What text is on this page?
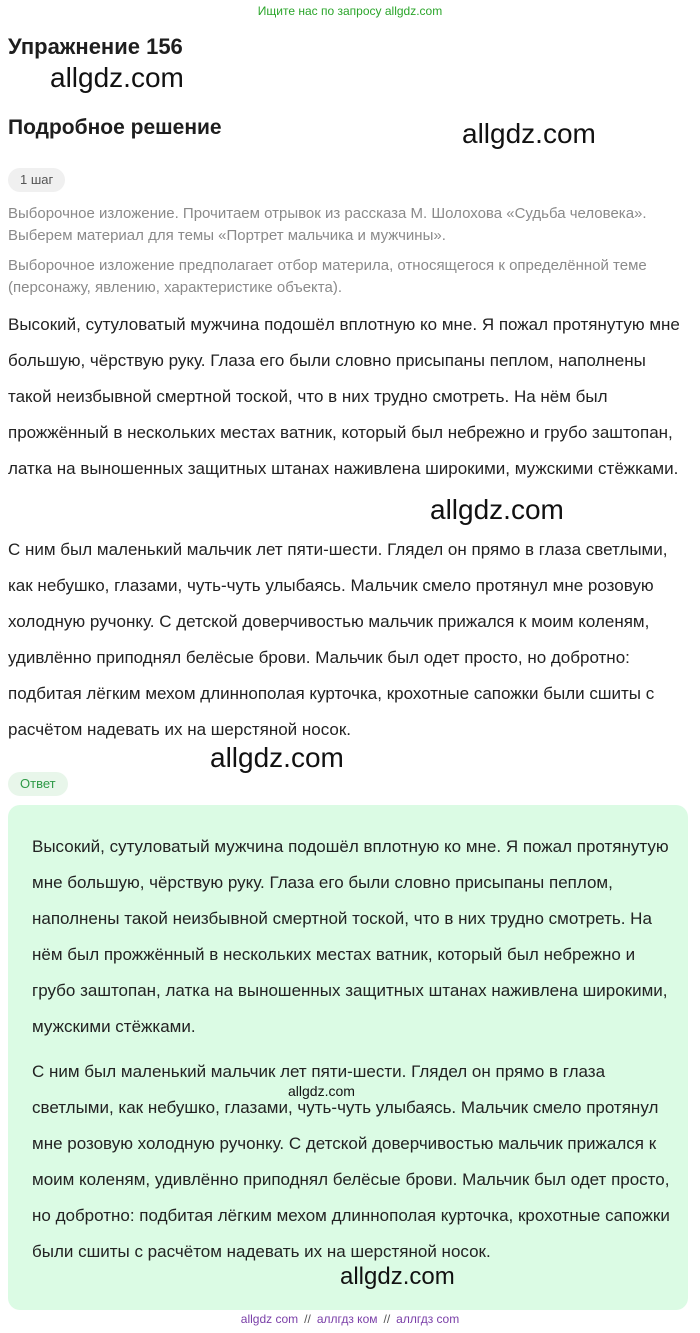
Ищите нас по запросу allgdz.com
Упражнение 156
allgdz.com
Подробное решение	allgdz.com
1 шаг
Выборочное изложение. Прочитаем отрывок из рассказа М. Шолохова «Судьба человека». Выберем материал для темы «Портрет мальчика и мужчины».
Выборочное изложение предполагает отбор материла, относящегося к определённой теме (персонажу, явлению, характеристике объекта).
Высокий, сутуловатый мужчина подошёл вплотную ко мне. Я пожал протянутую мне большую, чёрствую руку. Глаза его были словно присыпаны пеплом, наполнены такой неизбывной смертной тоской, что в них трудно смотреть. На нём был прожжённый в нескольких местах ватник, который был небрежно и грубо заштопан, латка на выношенных защитных штанах наживлена широкими, мужскими стёжками.
allgdz.com
С ним был маленький мальчик лет пяти-шести. Глядел он прямо в глаза светлыми, как небушко, глазами, чуть-чуть улыбаясь. Мальчик смело протянул мне розовую холодную ручонку. С детской доверчивостью мальчик прижался к моим коленям, удивлённо приподнял белёсые брови. Мальчик был одет просто, но добротно: подбитая лёгким мехом длиннополая курточка, крохотные сапожки были сшиты с расчётом надевать их на шерстяной носок.
allgdz.com
Ответ
Высокий, сутуловатый мужчина подошёл вплотную ко мне. Я пожал протянутую мне большую, чёрствую руку. Глаза его были словно присыпаны пеплом, наполнены такой неизбывной смертной тоской, что в них трудно смотреть. На нём был прожжённый в нескольких местах ватник, который был небрежно и грубо заштопан, латка на выношенных защитных штанах наживлена широкими, мужскими стёжками.
С ним был маленький мальчик лет пяти-шести. Глядел он прямо в глаза светлыми, как небушко, глазами, чуть-чуть улыбаясь. Мальчик смело протянул мне розовую холодную ручонку. С детской доверчивостью мальчик прижался к моим коленям, удивлённо приподнял белёсые брови. Мальчик был одет просто, но добротно: подбитая лёгким мехом длиннополая курточка, крохотные сапожки были сшиты с расчётом надевать их на шерстяной носок.
allgdz.com
allgdz.com
allgdz com // аллгдз ком // аллгдз com
